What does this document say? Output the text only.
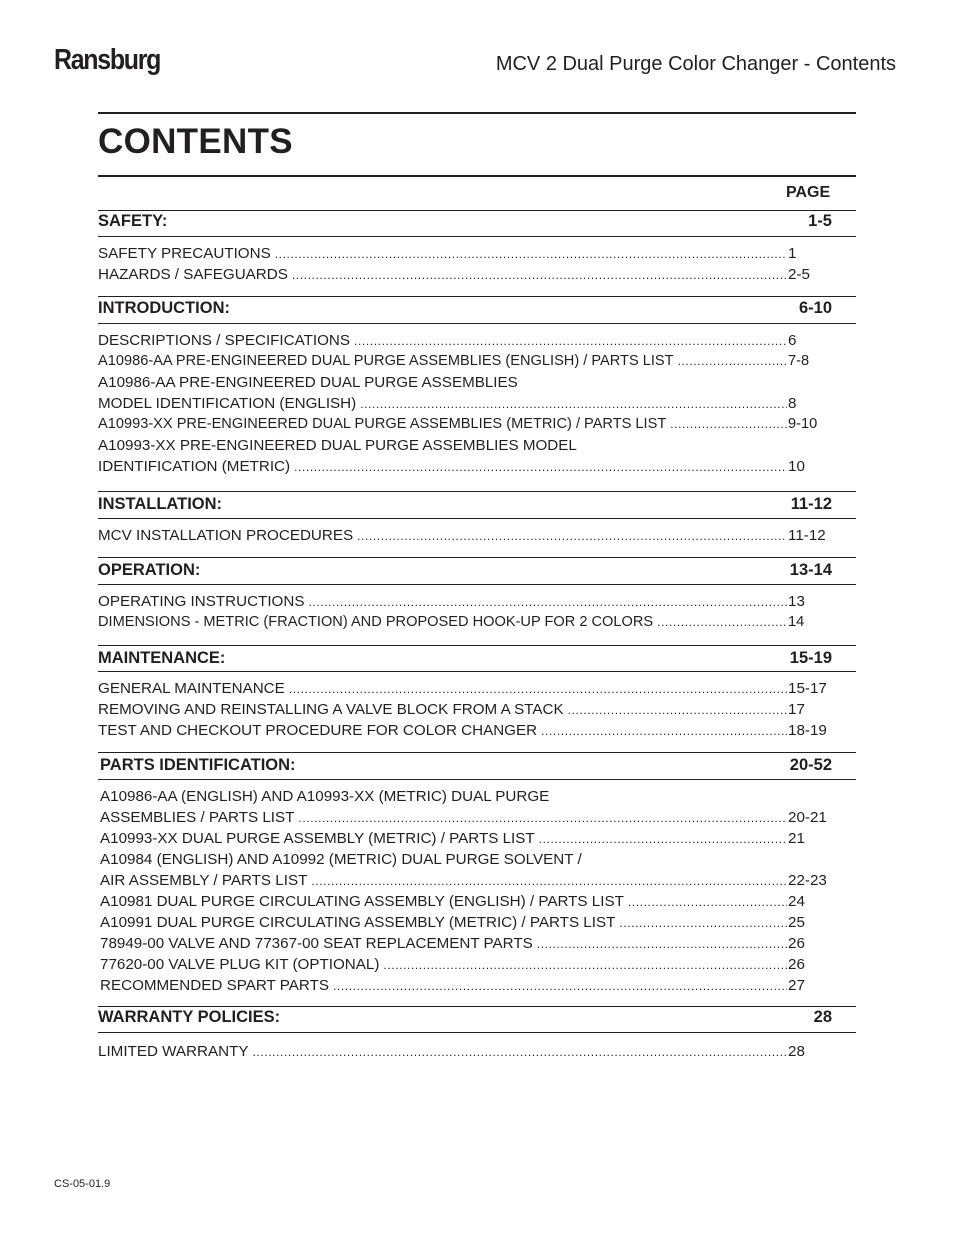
Ransburg	MCV 2 Dual Purge Color Changer - Contents
CONTENTS
PAGE
SAFETY:	1-5
SAFETY PRECAUTIONS .....	1
HAZARDS / SAFEGUARDS .....	2-5
INTRODUCTION:	6-10
DESCRIPTIONS / SPECIFICATIONS .....	6
A10986-AA PRE-ENGINEERED DUAL PURGE ASSEMBLIES (ENGLISH) / PARTS LIST .....	7-8
A10986-AA PRE-ENGINEERED DUAL PURGE ASSEMBLIES
MODEL IDENTIFICATION (ENGLISH) .....	8
A10993-XX PRE-ENGINEERED DUAL PURGE ASSEMBLIES (METRIC) / PARTS LIST .....	9-10
A10993-XX PRE-ENGINEERED DUAL PURGE ASSEMBLIES MODEL
IDENTIFICATION (METRIC) .....	10
INSTALLATION:	11-12
MCV INSTALLATION PROCEDURES .....	11-12
OPERATION:	13-14
OPERATING INSTRUCTIONS .....	13
DIMENSIONS - METRIC (FRACTION) AND PROPOSED HOOK-UP FOR 2 COLORS .....	14
MAINTENANCE:	15-19
GENERAL MAINTENANCE .....	15-17
REMOVING AND REINSTALLING A VALVE BLOCK FROM A STACK .....	17
TEST AND CHECKOUT PROCEDURE FOR COLOR CHANGER .....	18-19
PARTS IDENTIFICATION:	20-52
A10986-AA (ENGLISH) AND A10993-XX (METRIC) DUAL PURGE
ASSEMBLIES / PARTS LIST .....	20-21
A10993-XX DUAL PURGE ASSEMBLY (METRIC) / PARTS LIST .....	21
A10984 (ENGLISH) AND A10992 (METRIC) DUAL PURGE SOLVENT /
AIR ASSEMBLY / PARTS LIST .....	22-23
A10981 DUAL PURGE CIRCULATING ASSEMBLY (ENGLISH) / PARTS LIST .....	24
A10991 DUAL PURGE CIRCULATING ASSEMBLY (METRIC) / PARTS LIST .....	25
78949-00 VALVE AND 77367-00 SEAT REPLACEMENT PARTS .....	26
77620-00 VALVE PLUG KIT (OPTIONAL) .....	26
RECOMMENDED SPART PARTS .....	27
WARRANTY POLICIES:	28
LIMITED WARRANTY .....	28
CS-05-01.9
